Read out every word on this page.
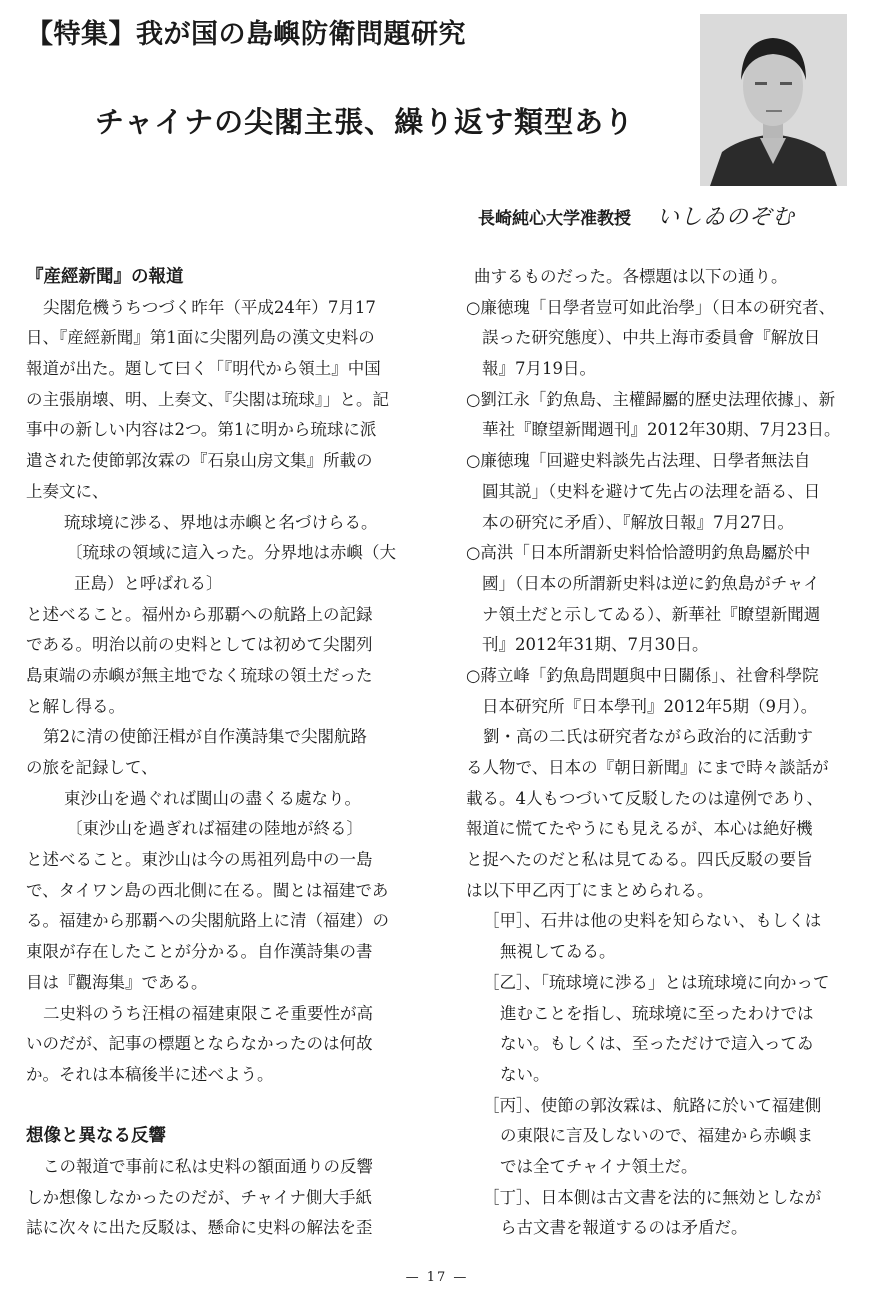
【特集】我が国の島嶼防衛問題研究
チャイナの尖閣主張、繰り返す類型あり
長崎純心大学准教授 いしゐのぞむ
『産經新聞』の報道
尖閣危機うちつづく昨年（平成24年）7月17
日、『産經新聞』第1面に尖閣列島の漢文史料の
報道が出た。題して曰く「『明代から領土』中国
の主張崩壊、明、上奏文、『尖閣は琉球』」と。記
事中の新しい内容は2つ。第1に明から琉球に派
遣された使節郭汝霖の『石泉山房文集』所載の
上奏文に、
琉球境に渉る、界地は赤嶼と名づけらる。
〔琉球の領域に這入った。分界地は赤嶼（大
正島）と呼ばれる〕
と述べること。福州から那覇への航路上の記録
である。明治以前の史料としては初めて尖閣列
島東端の赤嶼が無主地でなく琉球の領土だった
と解し得る。
第2に清の使節汪楫が自作漢詩集で尖閣航路
の旅を記録して、
東沙山を過ぐれば閩山の盡くる處なり。
〔東沙山を過ぎれば福建の陸地が終る〕
と述べること。東沙山は今の馬祖列島中の一島
で、タイワン島の西北側に在る。閩とは福建であ
る。福建から那覇への尖閣航路上に清（福建）の
東限が存在したことが分かる。自作漢詩集の書
目は『觀海集』である。
二史料のうち汪楫の福建東限こそ重要性が高
いのだが、記事の標題とならなかったのは何故
か。それは本稿後半に述べよう。
想像と異なる反響
この報道で事前に私は史料の額面通りの反響
しか想像しなかったのだが、チャイナ側大手紙
誌に次々に出た反駁は、懸命に史料の解法を歪
曲するものだった。各標題は以下の通り。
○廉徳瑰「日學者豈可如此治學」（日本の研究者、
誤った研究態度）、中共上海市委員會『解放日
報』7月19日。
○劉江永「釣魚島、主權歸屬的歷史法理依據」、新
華社『瞭望新聞週刊』2012年30期、7月23日。
○廉徳瑰「回避史料談先占法理、日學者無法自
圓其説」（史料を避けて先占の法理を語る、日
本の研究に矛盾）、『解放日報』7月27日。
○高洪「日本所謂新史料恰恰證明釣魚島屬於中
國」（日本の所謂新史料は逆に釣魚島がチャイ
ナ領土だと示してゐる）、新華社『瞭望新聞週
刊』2012年31期、7月30日。
○蔣立峰「釣魚島問題與中日關係」、社會科學院
日本研究所『日本學刊』2012年5期（9月）。
劉・高の二氏は研究者ながら政治的に活動す
る人物で、日本の『朝日新聞』にまで時々談話が
載る。4人もつづいて反駁したのは違例であり、
報道に慌てたやうにも見えるが、本心は絶好機
と捉へたのだと私は見てゐる。四氏反駁の要旨
は以下甲乙丙丁にまとめられる。
［甲］、石井は他の史料を知らない、もしくは
無視してゐる。
［乙］、「琉球境に渉る」とは琉球境に向かって
進むことを指し、琉球境に至ったわけでは
ない。もしくは、至っただけで這入ってゐ
ない。
［丙］、使節の郭汝霖は、航路に於いて福建側
の東限に言及しないので、福建から赤嶼ま
では全てチャイナ領土だ。
［丁］、日本側は古文書を法的に無効としなが
ら古文書を報道するのは矛盾だ。
— 17 —
